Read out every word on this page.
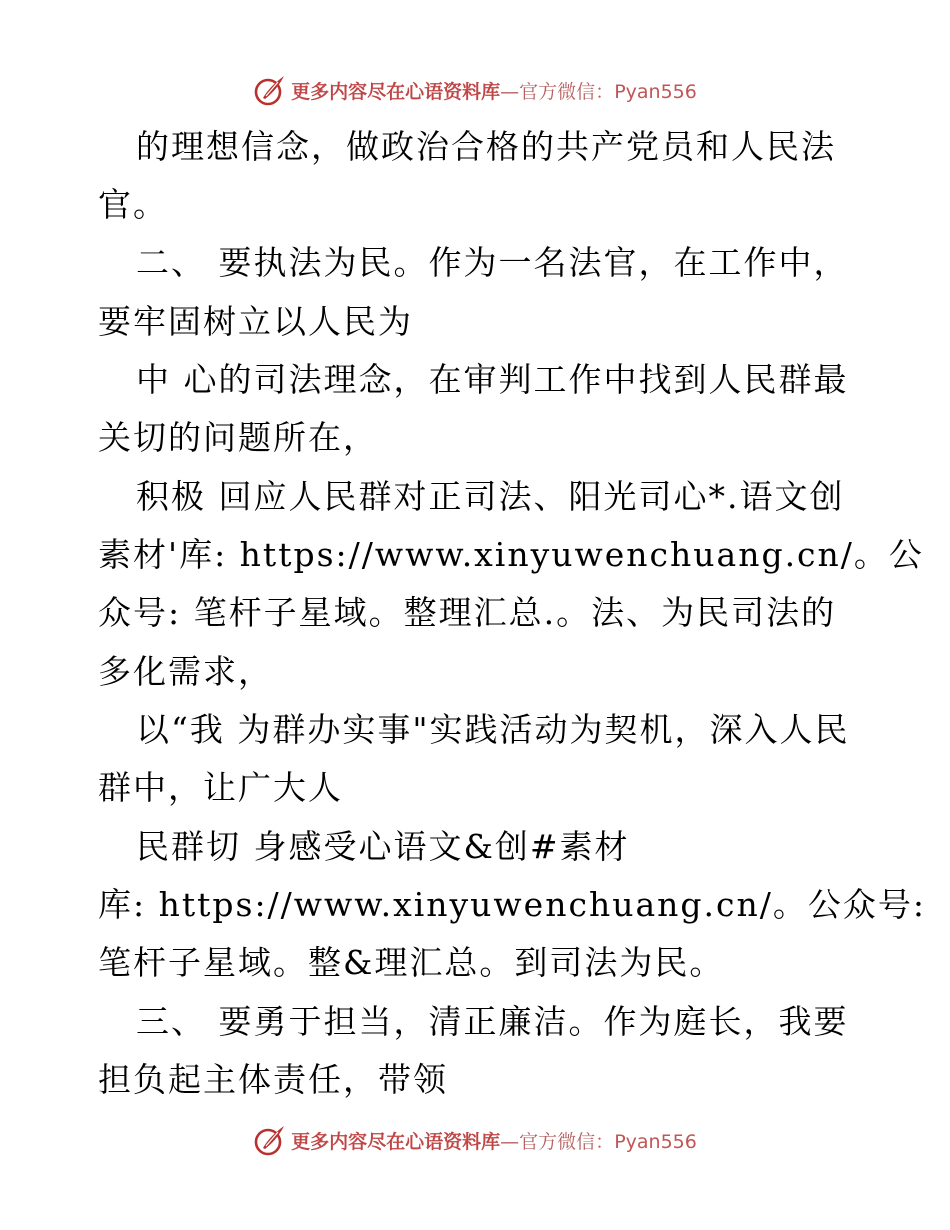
更多内容尽在心语资料库—官方微信：Pyan556
的理想信念，做政治合格的共产党员和人民法
官。
二、 要执法为民。作为一名法官，在工作中，
要牢固树立以人民为
中 心的司法理念，在审判工作中找到人民群最
关切的问题所在，
积极 回应人民群对正司法、阳光司心*.语文创
素材'库: https://www.xinyuwenchuang.cn/。公
众号: 笔杆子星域。整理汇总.。法、为民司法的
多化需求，
以“我 为群办实事"实践活动为契机，深入人民
群中，让广大人
民群切 身感受心语文&创#素材
库: https://www.xinyuwenchuang.cn/。公众号:
笔杆子星域。整&理汇总。到司法为民。
三、 要勇于担当，清正廉洁。作为庭长，我要
担负起主体责任，带领
更多内容尽在心语资料库—官方微信：Pyan556
